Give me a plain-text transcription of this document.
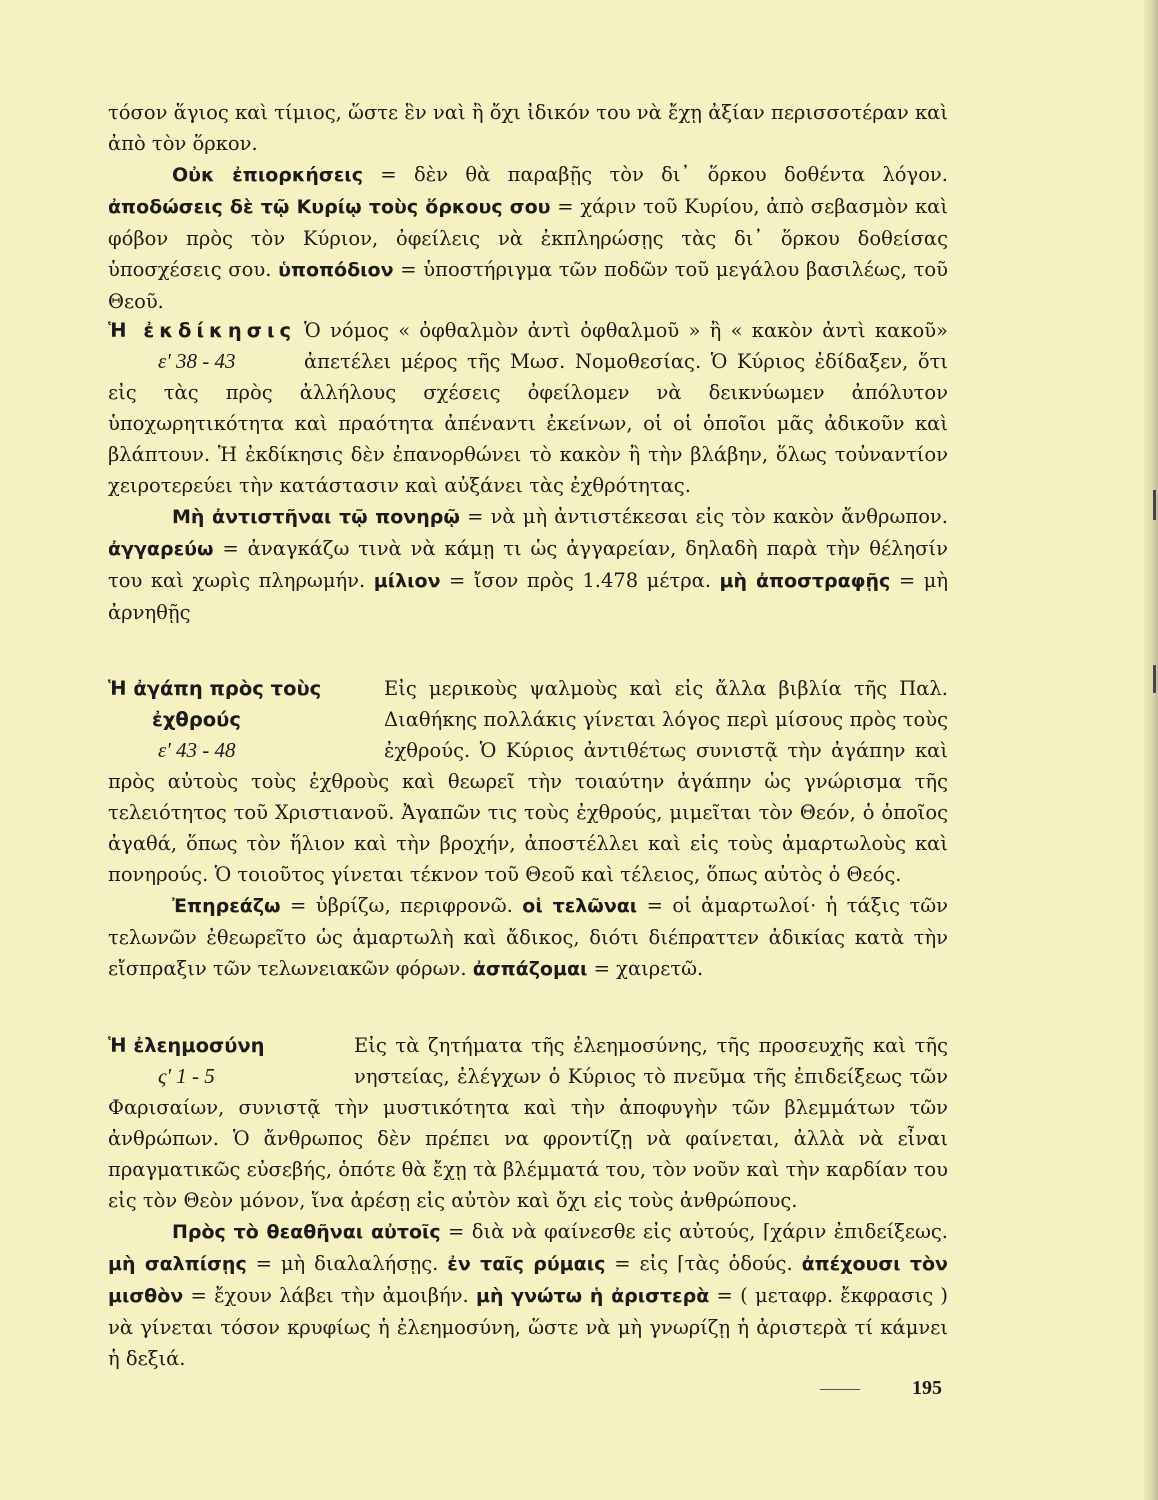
τόσον ἅγιος καὶ τίμιος, ὥστε ἓν ναὶ ἢ ὄχι ἰδικόν του νὰ ἔχῃ ἀξίαν περισσοτέραν καὶ ἀπὸ τὸν ὅρκον.

Οὐκ ἐπιορκήσεις = δὲν θὰ παραβῇς τὸν δι᾿ ὅρκου δοθέντα λόγον. ἀποδώσεις δὲ τῷ Κυρίῳ τοὺς ὅρκους σου = χάριν τοῦ Κυρίου, ἀπὸ σεβασμὸν καὶ φόβον πρὸς τὸν Κύριον, ὀφείλεις νὰ ἐκπληρώσῃς τὰς δι᾿ ὅρκου δοθείσας ὑποσχέσεις σου. ὑποπόδιον = ὑποστήριγμα τῶν ποδῶν τοῦ μεγάλου βασιλέως, τοῦ Θεοῦ.

Ἡ ἐκδίκησις
ε' 38 - 43
Ὁ νόμος « ὀφθαλμὸν ἀντὶ ὀφθαλμοῦ » ἢ « κακὸν ἀντὶ κακοῦ» ἀπετέλει μέρος τῆς Μωσ. Νομοθεσίας. Ὁ Κύριος ἐδίδαξεν, ὅτι εἰς τὰς πρὸς ἀλλήλους σχέσεις ὀφείλομεν νὰ δεικνύωμεν ἀπόλυτον ὑποχωρητικότητα καὶ πραότητα ἀπέναντι ἐκείνων, οἱ οἱ ὁποῖοι μᾶς ἀδικοῦν καὶ βλάπτουν. Ἡ ἐκδίκησις δὲν ἐπανορθώνει τὸ κακὸν ἢ τὴν βλάβην, ὅλως τοὐναντίον χειροτερεύει τὴν κατάστασιν καὶ αὐξάνει τὰς ἐχθρότητας.
Μὴ ἀντιστῆναι τῷ πονηρῷ = νὰ μὴ ἀντιστέκεσαι εἰς τὸν κακὸν ἄνθρωπον. ἀγγαρεύω = ἀναγκάζω τινὰ νὰ κάμῃ τι ὡς ἀγγαρείαν, δηλαδὴ παρὰ τὴν θέλησίν του καὶ χωρὶς πληρωμήν. μίλιον = ἴσον πρὸς 1.478 μέτρα. μὴ ἀποστραφῇς = μὴ ἀρνηθῇς
Ἡ ἀγάπη πρὸς τοὺς
ἐχθρούς
ε' 43 - 48
Εἰς μερικοὺς ψαλμοὺς καὶ εἰς ἄλλα βιβλία τῆς Παλ. Διαθήκης πολλάκις γίνεται λόγος περὶ μίσους πρὸς τοὺς ἐχθρούς. Ὁ Κύριος ἀντιθέτως συνιστᾷ τὴν ἀγάπην καὶ πρὸς αὐτοὺς τοὺς ἐχθροὺς καὶ θεωρεῖ τὴν τοιαύτην ἀγάπην ὡς γνώρισμα τῆς τελειότητος τοῦ Χριστιανοῦ. Ἀγαπῶν τις τοὺς ἐχθρούς, μιμεῖται τὸν Θεόν, ὁ ὁποῖος ἀγαθά, ὅπως τὸν ἥλιον καὶ τὴν βροχήν, ἀποστέλλει καὶ εἰς τοὺς ἁμαρτωλοὺς καὶ πονηρούς. Ὁ τοιοῦτος γίνεται τέκνον τοῦ Θεοῦ καὶ τέλειος, ὅπως αὐτὸς ὁ Θεός.
Ἐπηρεάζω = ὑβρίζω, περιφρονῶ. οἱ τελῶναι = οἱ ἁμαρτωλοί· ἡ τάξις τῶν τελωνῶν ἐθεωρεῖτο ὡς ἁμαρτωλὴ καὶ ἄδικος, διότι διέπραττεν ἀδικίας κατὰ τὴν εἴσπραξιν τῶν τελωνειακῶν φόρων. ἀσπάζομαι = χαιρετῶ.
Ἡ ἐλεημοσύνη
ς' 1 - 5
Εἰς τὰ ζητήματα τῆς ἐλεημοσύνης, τῆς προσευχῆς καὶ τῆς νηστείας, ἐλέγχων ὁ Κύριος τὸ πνεῦμα τῆς ἐπιδείξεως τῶν Φαρισαίων, συνιστᾷ τὴν μυστικότητα καὶ τὴν ἀποφυγὴν τῶν βλεμμάτων τῶν ἀνθρώπων. Ὁ ἄνθρωπος δὲν πρέπει να φροντίζῃ νὰ φαίνεται, ἀλλὰ νὰ εἶναι πραγματικῶς εὐσεβής, ὁπότε θὰ ἔχῃ τὰ βλέμματά του, τὸν νοῦν καὶ τὴν καρδίαν του εἰς τὸν Θεὸν μόνον, ἵνα ἀρέσῃ εἰς αὐτὸν καὶ ὄχι εἰς τοὺς ἀνθρώπους.
Πρὸς τὸ θεαθῆναι αὐτοῖς = διὰ νὰ φαίνεσθε εἰς αὐτούς, ⌈χάριν ἐπιδείξεως. μὴ σαλπίσῃς = μὴ διαλαλήσῃς. ἐν ταῖς ρύμαις = εἰς ⌈τὰς ὁδούς. ἀπέχουσι τὸν μισθὸν = ἔχουν λάβει τὴν ἀμοιβήν. μὴ γνώτω ἡ ἀριστερὰ = ( μεταφρ. ἔκφρασις ) νὰ γίνεται τόσον κρυφίως ἡ ἐλεημοσύνη, ὥστε νὰ μὴ γνωρίζῃ ἡ ἀριστερὰ τί κάμνει ἡ δεξιά.
195
